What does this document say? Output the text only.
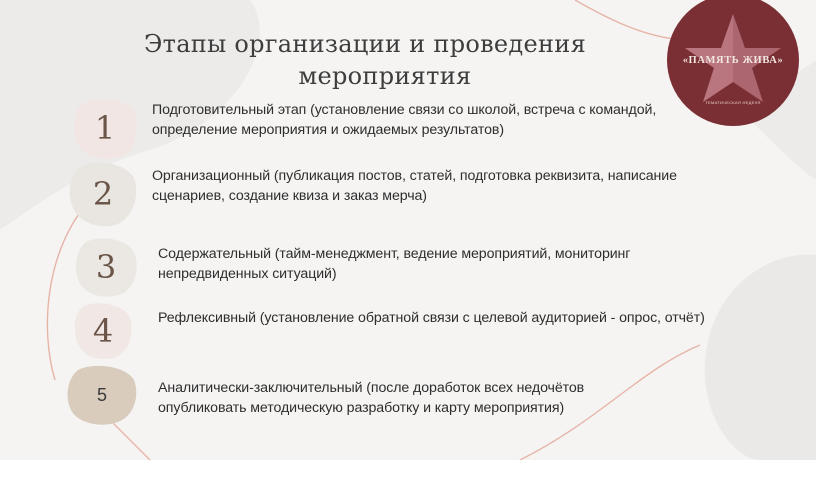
Этапы организации и проведения
мероприятия
«ПАМЯТЬ ЖИВА»
ТЕМАТИЧЕСКАЯ НЕДЕЛЯ
1	Подготовительный этап (установление связи со школой, встреча с командой, определение мероприятия и ожидаемых результатов)
2	Организационный (публикация постов, статей, подготовка реквизита, написание сценариев, создание квиза и заказ мерча)
3	Содержательный (тайм-менеджмент, ведение мероприятий, мониторинг непредвиденных ситуаций)
4	Рефлексивный (установление обратной связи с целевой аудиторией - опрос, отчёт)
5	Аналитически-заключительный (после доработок всех недочётов опубликовать методическую разработку и карту мероприятия)
